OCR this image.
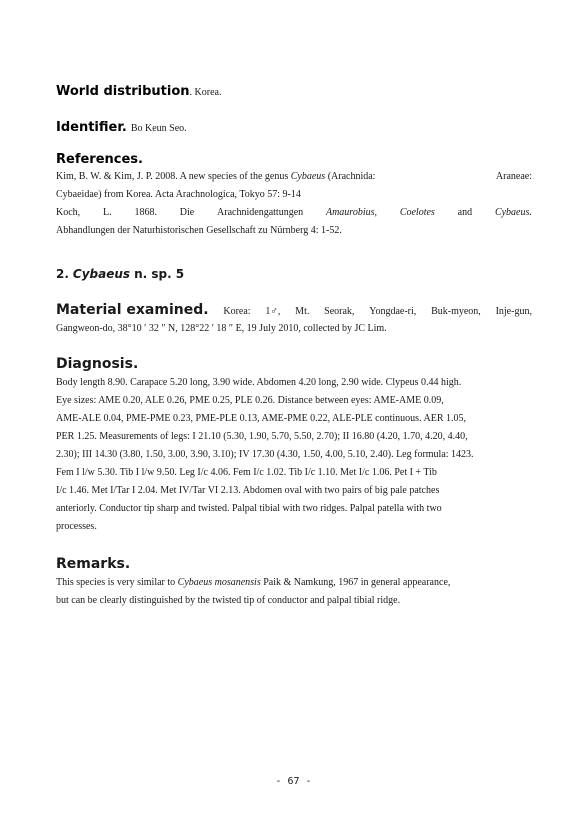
World distribution. Korea.
Identifier. Bo Keun Seo.
References.
Kim, B. W. & Kim, J. P. 2008. A new species of the genus Cybaeus (Arachnida:	Araneae:
Cybaeidae) from Korea. Acta Arachnologica, Tokyo 57: 9-14
Koch, L. 1868. Die Arachnidengattungen Amaurobius, Coelotes and Cybaeus.
Abhandlungen der Naturhistorischen Gesellschaft zu Nürnberg 4: 1-52.
2. Cybaeus n. sp. 5
Material examined. Korea: 1♂, Mt. Seorak, Yongdae-ri, Buk-myeon, Inje-gun,
Gangweon-do, 38°10 ′ 32 ″ N, 128°22 ′ 18 ″ E, 19 July 2010, collected by JC Lim.
Diagnosis.
Body length 8.90. Carapace 5.20 long, 3.90 wide. Abdomen 4.20 long, 2.90 wide. Clypeus 0.44 high.
Eye sizes: AME 0.20, ALE 0.26, PME 0.25, PLE 0.26. Distance between eyes: AME-AME 0.09,
AME-ALE 0.04, PME-PME 0.23, PME-PLE 0.13, AME-PME 0.22, ALE-PLE continuous. AER 1.05,
PER 1.25. Measurements of legs: I 21.10 (5.30, 1.90, 5.70, 5.50, 2.70); II 16.80 (4.20, 1.70, 4.20, 4.40,
2.30); III 14.30 (3.80, 1.50, 3.00, 3.90, 3.10); IV 17.30 (4.30, 1.50, 4.00, 5.10, 2.40). Leg formula: 1423.
Fem I l/w 5.30. Tib I l/w 9.50. Leg I/c 4.06. Fem I/c 1.02. Tib I/c 1.10. Met I/c 1.06. Pet I + Tib
I/c 1.46. Met I/Tar I 2.04. Met IV/Tar VI 2.13. Abdomen oval with two pairs of big pale patches
anteriorly. Conductor tip sharp and twisted. Palpal tibial with two ridges. Palpal patella with two
processes.
Remarks.
This species is very similar to Cybaeus mosanensis Paik & Namkung, 1967 in general appearance,
but can be clearly distinguished by the twisted tip of conductor and palpal tibial ridge.
- 67 -
